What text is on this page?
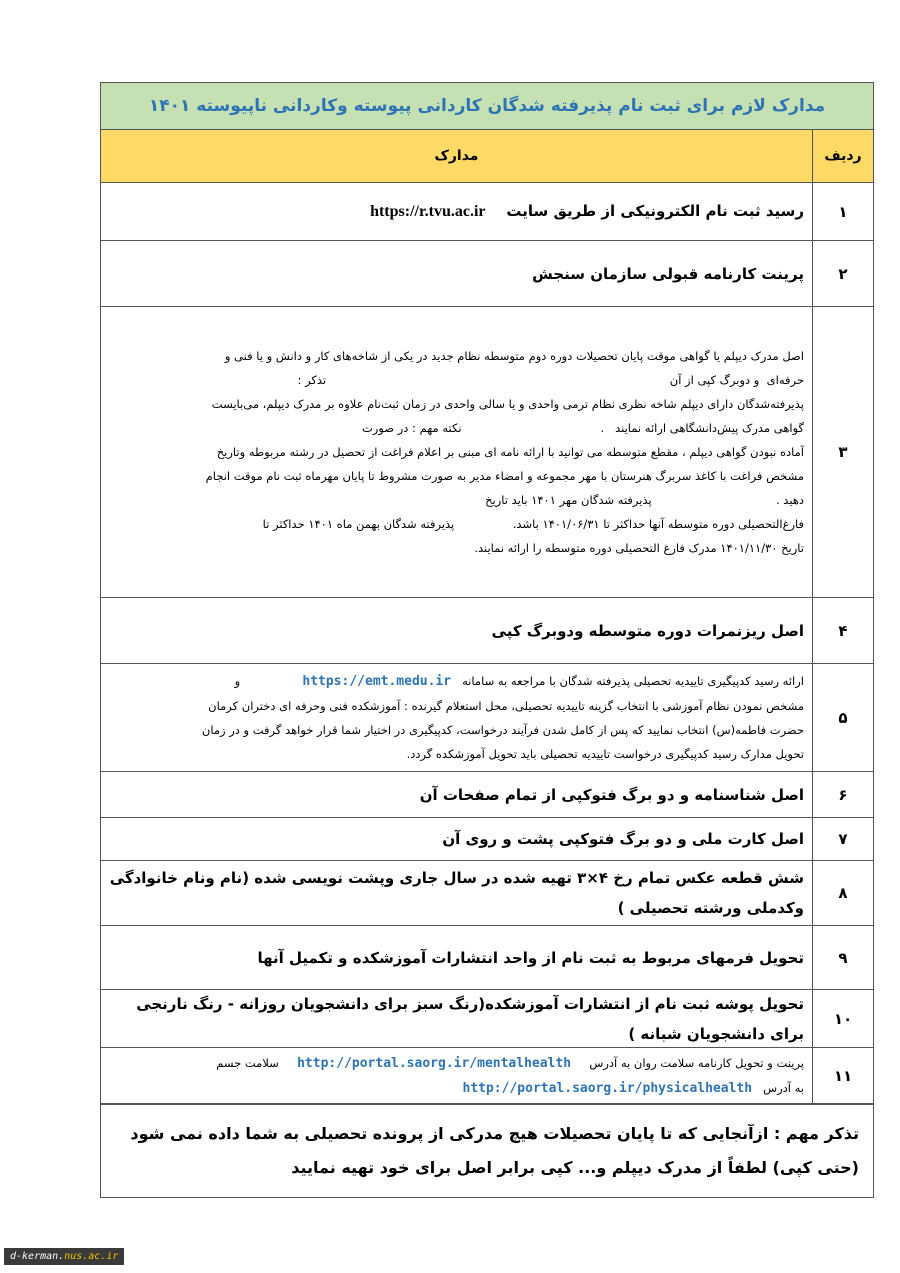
مدارک لازم برای ثبت نام پذیرفته شدگان کاردانی پیوسته وکاردانی ناپیوسته ۱۴۰۱
ردیف
مدارک
۱
رسید ثبت نام الکترونیکی از طریق سایت    https://r.tvu.ac.ir
۲
پرینت کارنامه قبولی سازمان سنجش
۳
اصل مدرک دیپلم یا گواهی موقت پایان تحصیلات دوره دوم متوسطه نظام جدید در یکی از شاخه‌های کار و دانش و یا فنی و
حرفه‌ای  و دوبرگ کپی از آن                                                                                              تذکر :
پذیرفته‌شدگان دارای دیپلم شاخه نظری نظام ترمی واحدی و یا سالی واحدی در زمان ثبت‌نام علاوه بر مدرک دیپلم، می‌بایست
گواهی مدرک پیش‌دانشگاهی ارائه نمایند   .                                      نکته مهم : در صورت
آماده نبودن گواهی دیپلم ، مقطع متوسطه می توانید با ارائه نامه ای مبنی بر اعلام فراغت از تحصیل در رشته مربوطه وتاریخ
مشخص فراغت با کاغذ سربرگ هنرستان با مهر مجموعه و امضاء مدیر به صورت مشروط تا پایان مهرماه ثبت نام موقت انجام
دهید .                                  پذیرفته شدگان مهر ۱۴۰۱ باید تاریخ
فارغ‌التحصیلی دوره متوسطه آنها حداکثر تا ۱۴۰۱/۰۶/۳۱ باشد.                پذیرفته شدگان بهمن ماه ۱۴۰۱ حداکثر تا
تاریخ ۱۴۰۱/۱۱/۳۰ مدرک فارغ التحصیلی دوره متوسطه را ارائه نمایند.
۴
اصل ریزنمرات دوره متوسطه ودوبرگ کپی
۵
ارائه رسید کدپیگیری تاییدیه تحصیلی پذیرفته شدگان با مراجعه به سامانه   https://emt.medu.ir                 و
مشخص نمودن نظام آموزشی با انتخاب گزینه تاییدیه تحصیلی، محل استعلام گیرنده : آموزشکده فنی وحرفه ای دختران کرمان
حضرت فاطمه(س) انتخاب نمایید که پس از کامل شدن فرآیند درخواست، کدپیگیری در اختیار شما قرار خواهد گرفت و در زمان
تحویل مدارک رسید کدپیگیری درخواست تاییدیه تحصیلی باید تحویل آموزشکده گردد.
۶
اصل شناسنامه و دو برگ فتوکپی از تمام صفحات آن
۷
اصل کارت ملی و دو برگ فتوکپی پشت و روی آن
۸
شش قطعه عکس تمام رخ ۴×۳ تهیه شده در سال جاری وپشت نویسی شده (نام ونام خانوادگی وکدملی ورشته تحصیلی )
۹
تحویل فرمهای مربوط به ثبت نام از واحد انتشارات آموزشکده و تکمیل آنها
۱۰
تحویل پوشه ثبت نام از انتشارات آموزشکده(رنگ سبز برای دانشجویان روزانه - رنگ نارنجی برای دانشجویان شبانه )
۱۱
پرینت و تحویل کارنامه سلامت روان به آدرس     http://portal.saorg.ir/mentalhealth     سلامت جسم
به آدرس   http://portal.saorg.ir/physicalhealth
تذکر مهم : ازآنجایی که تا پایان تحصیلات هیچ مدرکی از پرونده تحصیلی به شما داده نمی شود (حتی کپی) لطفاً از مدرک دیپلم و... کپی برابر اصل برای خود تهیه نمایید
d-kerman.nus.ac.ir
